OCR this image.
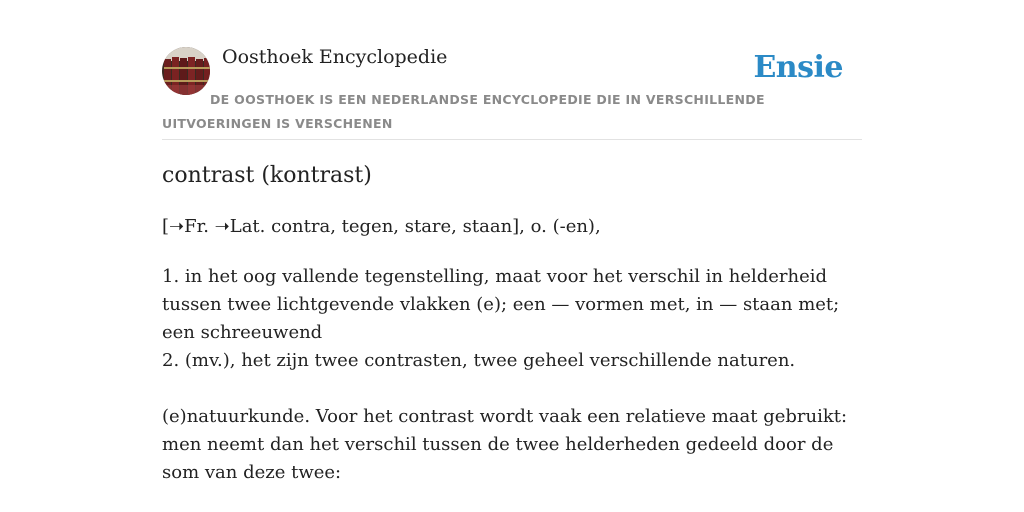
Oosthoek Encyclopedie	Ensie
DE OOSTHOEK IS EEN NEDERLANDSE ENCYCLOPEDIE DIE IN VERSCHILLENDE UITVOERINGEN IS VERSCHENEN
contrast (kontrast)
[➝Fr. ➝Lat. contra, tegen, stare, staan], o. (-en),

1. in het oog vallende tegenstelling, maat voor het verschil in helderheid tussen twee lichtgevende vlakken (e); een — vormen met, in — staan met; een schreeuwend

2. (mv.), het zijn twee contrasten, twee geheel verschillende naturen.

(e)natuurkunde. Voor het contrast wordt vaak een relatieve maat gebruikt: men neemt dan het verschil tussen de twee helderheden gedeeld door de som van deze twee:
